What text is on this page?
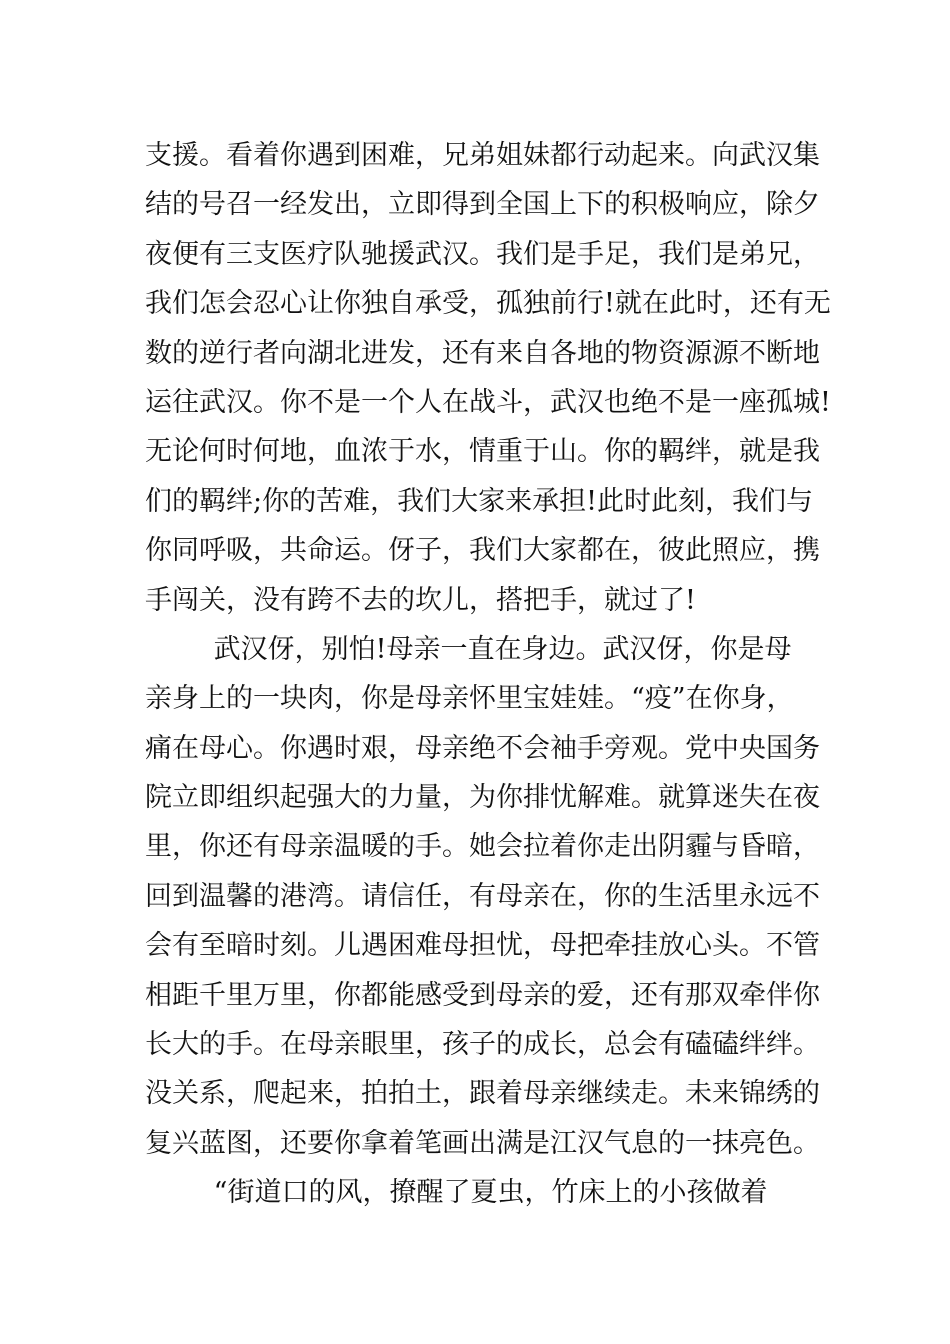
支援。看着你遇到困难，兄弟姐妹都行动起来。向武汉集
结的号召一经发出，立即得到全国上下的积极响应，除夕
夜便有三支医疗队驰援武汉。我们是手足，我们是弟兄，
我们怎会忍心让你独自承受，孤独前行!就在此时，还有无
数的逆行者向湖北进发，还有来自各地的物资源源不断地
运往武汉。你不是一个人在战斗，武汉也绝不是一座孤城!
无论何时何地，血浓于水，情重于山。你的羁绊，就是我
们的羁绊;你的苦难，我们大家来承担!此时此刻，我们与
你同呼吸，共命运。伢子，我们大家都在，彼此照应，携
手闯关，没有跨不去的坎儿，搭把手，就过了!
武汉伢，别怕!母亲一直在身边。武汉伢，你是母
亲身上的一块肉，你是母亲怀里宝娃娃。“疫”在你身，
痛在母心。你遇时艰，母亲绝不会袖手旁观。党中央国务
院立即组织起强大的力量，为你排忧解难。就算迷失在夜
里，你还有母亲温暖的手。她会拉着你走出阴霾与昏暗，
回到温馨的港湾。请信任，有母亲在，你的生活里永远不
会有至暗时刻。儿遇困难母担忧，母把牵挂放心头。不管
相距千里万里，你都能感受到母亲的爱，还有那双牵伴你
长大的手。在母亲眼里，孩子的成长，总会有磕磕绊绊。
没关系，爬起来，拍拍土，跟着母亲继续走。未来锦绣的
复兴蓝图，还要你拿着笔画出满是江汉气息的一抹亮色。
“街道口的风，撩醒了夏虫，竹床上的小孩做着
